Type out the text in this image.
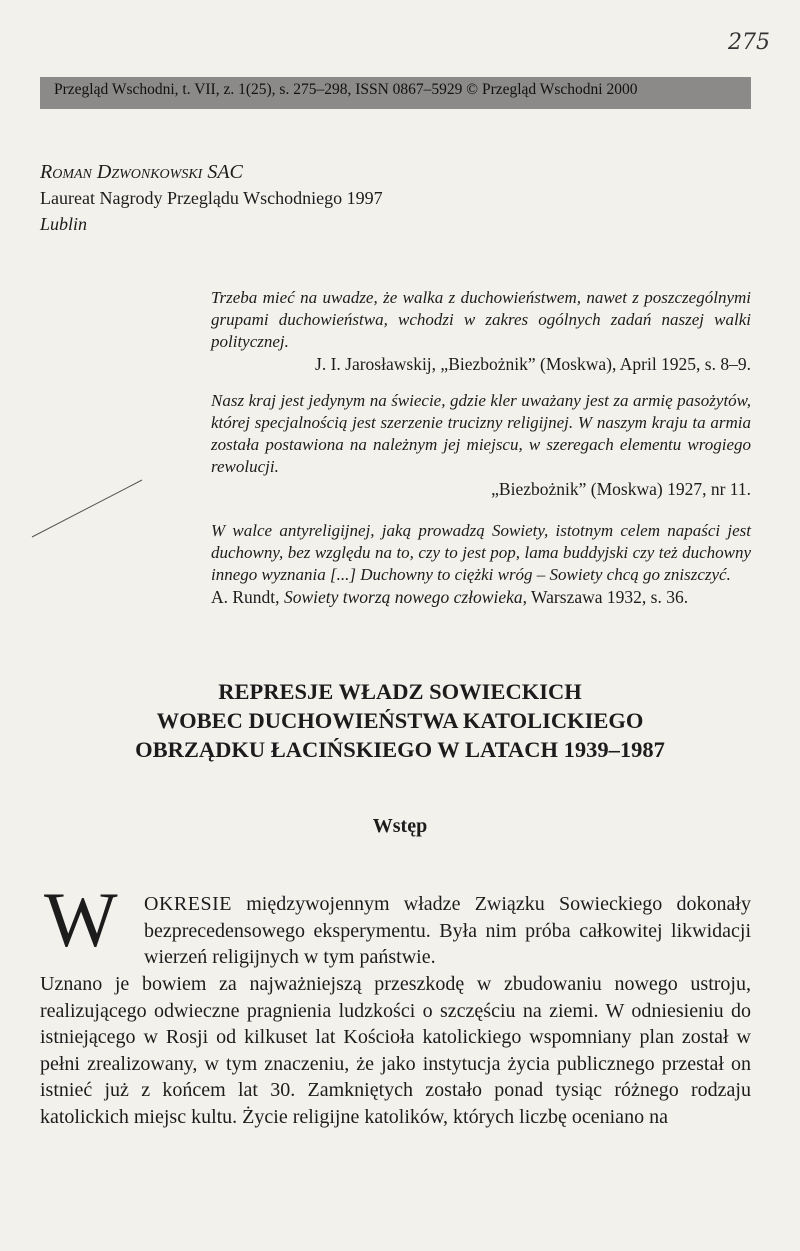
275
Przegląd Wschodni, t. VII, z. 1(25), s. 275–298, ISSN 0867–5929 © Przegląd Wschodni 2000
Roman Dzwonkowski SAC
Laureat Nagrody Przeglądu Wschodniego 1997
Lublin
Trzeba mieć na uwadze, że walka z duchowieństwem, nawet z poszczególnymi grupami duchowieństwa, wchodzi w zakres ogólnych zadań naszej walki politycznej.
J. I. Jarosławskij, „Biezbożnik” (Moskwa), April 1925, s. 8–9.
Nasz kraj jest jedynym na świecie, gdzie kler uważany jest za armię pasożytów, której specjalnością jest szerzenie trucizny religijnej. W naszym kraju ta armia została postawiona na należnym jej miejscu, w szeregach elementu wrogiego rewolucji.
„Biezbożnik” (Moskwa) 1927, nr 11.
W walce antyreligijnej, jaką prowadzą Sowiety, istotnym celem napaści jest duchowny, bez względu na to, czy to jest pop, lama buddyjski czy też duchowny innego wyznania [...] Duchowny to ciężki wróg – Sowiety chcą go zniszczyć.
A. Rundt, Sowiety tworzą nowego człowieka, Warszawa 1932, s. 36.
REPRESJE WŁADZ SOWIECKICH
WOBEC DUCHOWIEŃSTWA KATOLICKIEGO
OBRZĄDKU ŁACIŃSKIEGO W LATACH 1939–1987
Wstęp
W OKRESIE międzywojennym władze Związku Sowieckiego dokonały bezprecedensowego eksperymentu. Była nim próba całkowitej likwidacji wierzeń religijnych w tym państwie.
Uznano je bowiem za najważniejszą przeszkodę w zbudowaniu nowego ustroju, realizującego odwieczne pragnienia ludzkości o szczęściu na ziemi. W odniesieniu do istniejącego w Rosji od kilkuset lat Kościoła katolickiego wspomniany plan został w pełni zrealizowany, w tym znaczeniu, że jako instytucja życia publicznego przestał on istnieć już z końcem lat 30. Zamkniętych zostało ponad tysiąc różnego rodzaju katolickich miejsc kultu. Życie religijne katolików, których liczbę oceniano na
